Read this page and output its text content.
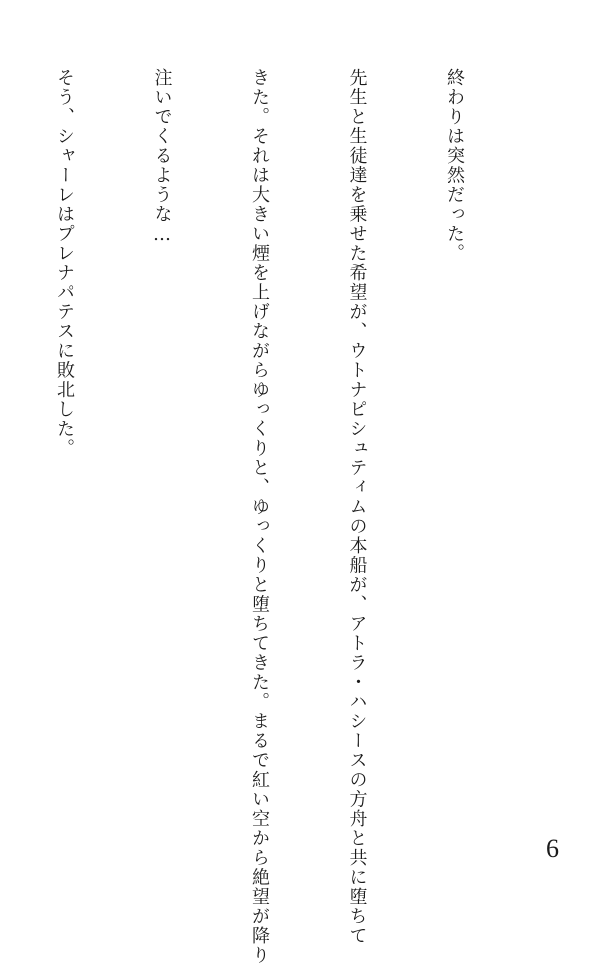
終わりは突然だった。

先生と生徒達を乗せた希望が、ウトナピシュティムの本船が、アトラ・ハシースの方舟と共に堕ちて

きた。それは大きい煙を上げながらゆっくりと、ゆっくりと堕ちてきた。まるで紅い空から絶望が降り

注いでくるような…

そう、シャーレはプレナパテスに敗北した。

6
